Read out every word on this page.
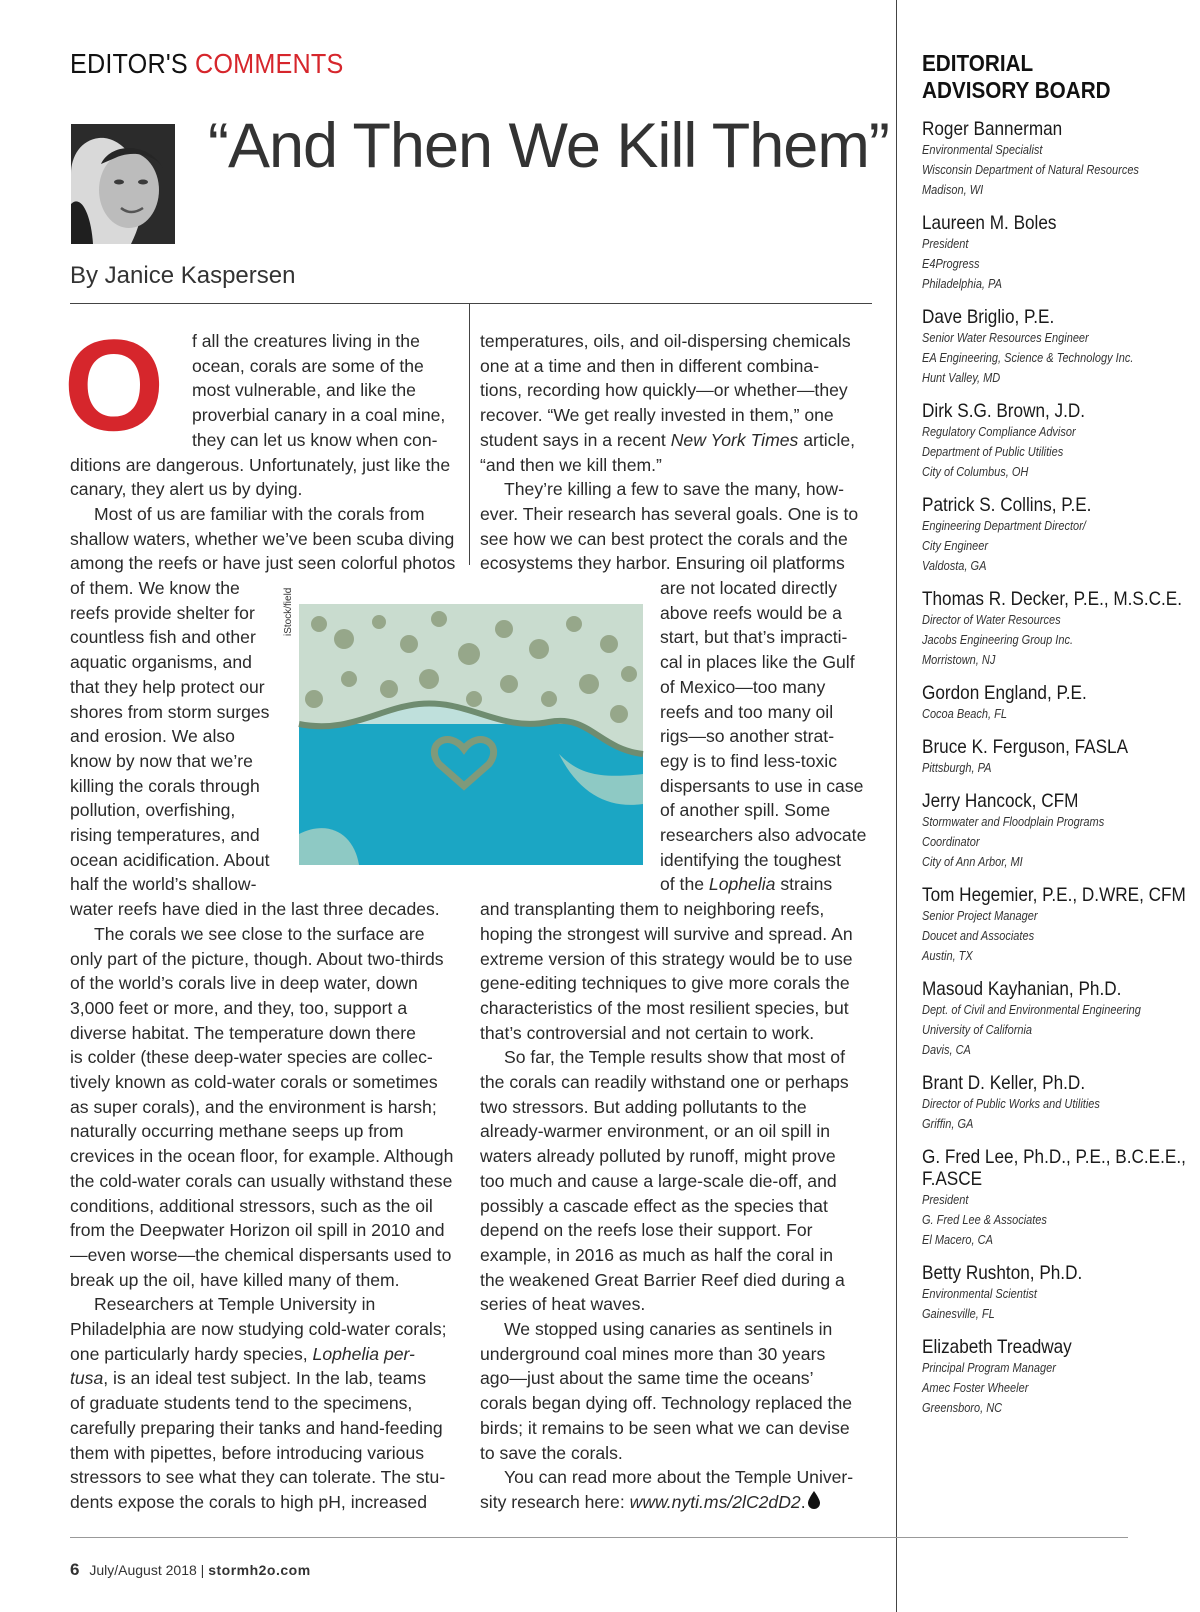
EDITOR'S COMMENTS
“And Then We Kill Them”
By Janice Kaspersen
O f all the creatures living in the
ocean, corals are some of the
most vulnerable, and like the
proverbial canary in a coal mine,
they can let us know when con-
ditions are dangerous. Unfortunately, just like the
canary, they alert us by dying.
Most of us are familiar with the corals from
shallow waters, whether we’ve been scuba diving
among the reefs or have just seen colorful photos
of them. We know the
reefs provide shelter for
countless fish and other
aquatic organisms, and
that they help protect our
shores from storm surges
and erosion. We also
know by now that we’re
killing the corals through
pollution, overfishing,
rising temperatures, and
ocean acidification. About
half the world’s shallow-
water reefs have died in the last three decades.
The corals we see close to the surface are
only part of the picture, though. About two-thirds
of the world’s corals live in deep water, down
3,000 feet or more, and they, too, support a
diverse habitat. The temperature down there
is colder (these deep-water species are collec-
tively known as cold-water corals or sometimes
as super corals), and the environment is harsh;
naturally occurring methane seeps up from
crevices in the ocean floor, for example. Although
the cold-water corals can usually withstand these
conditions, additional stressors, such as the oil
from the Deepwater Horizon oil spill in 2010 and
—even worse—the chemical dispersants used to
break up the oil, have killed many of them.
Researchers at Temple University in
Philadelphia are now studying cold-water corals;
one particularly hardy species, Lophelia per-
tusa, is an ideal test subject. In the lab, teams
of graduate students tend to the specimens,
carefully preparing their tanks and hand-feeding
them with pipettes, before introducing various
stressors to see what they can tolerate. The stu-
dents expose the corals to high pH, increased
iStock/field
temperatures, oils, and oil-dispersing chemicals
one at a time and then in different combina-
tions, recording how quickly—or whether—they
recover. “We get really invested in them,” one
student says in a recent New York Times article,
“and then we kill them.”
They’re killing a few to save the many, how-
ever. Their research has several goals. One is to
see how we can best protect the corals and the
ecosystems they harbor. Ensuring oil platforms
are not located directly
above reefs would be a
start, but that’s impracti-
cal in places like the Gulf
of Mexico—too many
reefs and too many oil
rigs—so another strat-
egy is to find less-toxic
dispersants to use in case
of another spill. Some
researchers also advocate
identifying the toughest
of the Lophelia strains
and transplanting them to neighboring reefs,
hoping the strongest will survive and spread. An
extreme version of this strategy would be to use
gene-editing techniques to give more corals the
characteristics of the most resilient species, but
that’s controversial and not certain to work.
So far, the Temple results show that most of
the corals can readily withstand one or perhaps
two stressors. But adding pollutants to the
already-warmer environment, or an oil spill in
waters already polluted by runoff, might prove
too much and cause a large-scale die-off, and
possibly a cascade effect as the species that
depend on the reefs lose their support. For
example, in 2016 as much as half the coral in
the weakened Great Barrier Reef died during a
series of heat waves.
We stopped using canaries as sentinels in
underground coal mines more than 30 years
ago—just about the same time the oceans’
corals began dying off. Technology replaced the
birds; it remains to be seen what we can devise
to save the corals.
You can read more about the Temple Univer-
sity research here: www.nyti.ms/2lC2dD2.
EDITORIAL
ADVISORY BOARD
Roger Bannerman
Environmental Specialist
Wisconsin Department of Natural Resources
Madison, WI
Laureen M. Boles
President
E4Progress
Philadelphia, PA
Dave Briglio, P.E.
Senior Water Resources Engineer
EA Engineering, Science & Technology Inc.
Hunt Valley, MD
Dirk S.G. Brown, J.D.
Regulatory Compliance Advisor
Department of Public Utilities
City of Columbus, OH
Patrick S. Collins, P.E.
Engineering Department Director/
City Engineer
Valdosta, GA
Thomas R. Decker, P.E., M.S.C.E.
Director of Water Resources
Jacobs Engineering Group Inc.
Morristown, NJ
Gordon England, P.E.
Cocoa Beach, FL
Bruce K. Ferguson, FASLA
Pittsburgh, PA
Jerry Hancock, CFM
Stormwater and Floodplain Programs
Coordinator
City of Ann Arbor, MI
Tom Hegemier, P.E., D.WRE, CFM
Senior Project Manager
Doucet and Associates
Austin, TX
Masoud Kayhanian, Ph.D.
Dept. of Civil and Environmental Engineering
University of California
Davis, CA
Brant D. Keller, Ph.D.
Director of Public Works and Utilities
Griffin, GA
G. Fred Lee, Ph.D., P.E., B.C.E.E., F.ASCE
President
G. Fred Lee & Associates
El Macero, CA
Betty Rushton, Ph.D.
Environmental Scientist
Gainesville, FL
Elizabeth Treadway
Principal Program Manager
Amec Foster Wheeler
Greensboro, NC
6 July/August 2018 | stormh2o.com
